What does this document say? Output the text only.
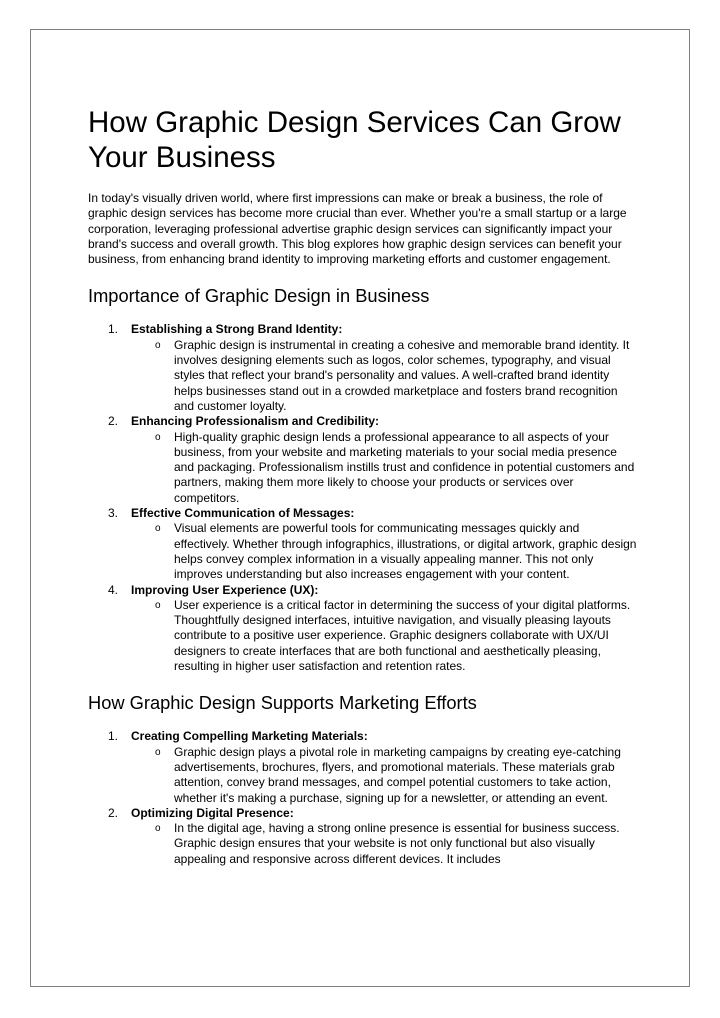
How Graphic Design Services Can Grow Your Business

In today's visually driven world, where first impressions can make or break a business, the role of graphic design services has become more crucial than ever. Whether you're a small startup or a large corporation, leveraging professional advertise graphic design services can significantly impact your brand's success and overall growth. This blog explores how graphic design services can benefit your business, from enhancing brand identity to improving marketing efforts and customer engagement.

Importance of Graphic Design in Business
1. Establishing a Strong Brand Identity:
o Graphic design is instrumental in creating a cohesive and memorable brand identity. It involves designing elements such as logos, color schemes, typography, and visual styles that reflect your brand's personality and values. A well-crafted brand identity helps businesses stand out in a crowded marketplace and fosters brand recognition and customer loyalty.
2. Enhancing Professionalism and Credibility:
o High-quality graphic design lends a professional appearance to all aspects of your business, from your website and marketing materials to your social media presence and packaging. Professionalism instills trust and confidence in potential customers and partners, making them more likely to choose your products or services over competitors.
3. Effective Communication of Messages:
o Visual elements are powerful tools for communicating messages quickly and effectively. Whether through infographics, illustrations, or digital artwork, graphic design helps convey complex information in a visually appealing manner. This not only improves understanding but also increases engagement with your content.
4. Improving User Experience (UX):
o User experience is a critical factor in determining the success of your digital platforms. Thoughtfully designed interfaces, intuitive navigation, and visually pleasing layouts contribute to a positive user experience. Graphic designers collaborate with UX/UI designers to create interfaces that are both functional and aesthetically pleasing, resulting in higher user satisfaction and retention rates.
How Graphic Design Supports Marketing Efforts
1. Creating Compelling Marketing Materials:
o Graphic design plays a pivotal role in marketing campaigns by creating eye-catching advertisements, brochures, flyers, and promotional materials. These materials grab attention, convey brand messages, and compel potential customers to take action, whether it's making a purchase, signing up for a newsletter, or attending an event.
2. Optimizing Digital Presence:
o In the digital age, having a strong online presence is essential for business success. Graphic design ensures that your website is not only functional but also visually appealing and responsive across different devices. It includes
